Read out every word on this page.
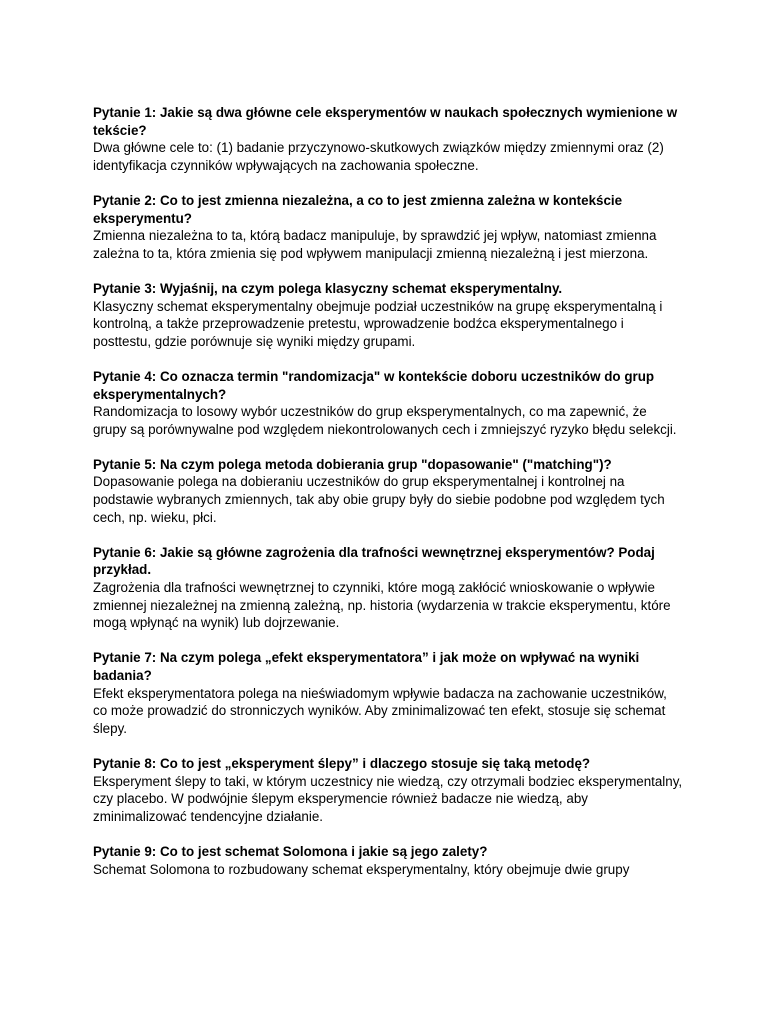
Pytanie 1: Jakie są dwa główne cele eksperymentów w naukach społecznych wymienione w tekście?

Dwa główne cele to: (1) badanie przyczynowo-skutkowych związków między zmiennymi oraz (2) identyfikacja czynników wpływających na zachowania społeczne.

Pytanie 2: Co to jest zmienna niezależna, a co to jest zmienna zależna w kontekście eksperymentu?

Zmienna niezależna to ta, którą badacz manipuluje, by sprawdzić jej wpływ, natomiast zmienna zależna to ta, która zmienia się pod wpływem manipulacji zmienną niezależną i jest mierzona.

Pytanie 3: Wyjaśnij, na czym polega klasyczny schemat eksperymentalny.

Klasyczny schemat eksperymentalny obejmuje podział uczestników na grupę eksperymentalną i kontrolną, a także przeprowadzenie pretestu, wprowadzenie bodźca eksperymentalnego i posttestu, gdzie porównuje się wyniki między grupami.

Pytanie 4: Co oznacza termin "randomizacja" w kontekście doboru uczestników do grup eksperymentalnych?

Randomizacja to losowy wybór uczestników do grup eksperymentalnych, co ma zapewnić, że grupy są porównywalne pod względem niekontrolowanych cech i zmniejszyć ryzyko błędu selekcji.

Pytanie 5: Na czym polega metoda dobierania grup "dopasowanie" ("matching")?

Dopasowanie polega na dobieraniu uczestników do grup eksperymentalnej i kontrolnej na podstawie wybranych zmiennych, tak aby obie grupy były do siebie podobne pod względem tych cech, np. wieku, płci.

Pytanie 6: Jakie są główne zagrożenia dla trafności wewnętrznej eksperymentów? Podaj przykład.

Zagrożenia dla trafności wewnętrznej to czynniki, które mogą zakłócić wnioskowanie o wpływie zmiennej niezależnej na zmienną zależną, np. historia (wydarzenia w trakcie eksperymentu, które mogą wpłynąć na wynik) lub dojrzewanie.

Pytanie 7: Na czym polega „efekt eksperymentatora” i jak może on wpływać na wyniki badania?

Efekt eksperymentatora polega na nieświadomym wpływie badacza na zachowanie uczestników, co może prowadzić do stronniczych wyników. Aby zminimalizować ten efekt, stosuje się schemat ślepy.

Pytanie 8: Co to jest „eksperyment ślepy” i dlaczego stosuje się taką metodę?

Eksperyment ślepy to taki, w którym uczestnicy nie wiedzą, czy otrzymali bodziec eksperymentalny, czy placebo. W podwójnie ślepym eksperymencie również badacze nie wiedzą, aby zminimalizować tendencyjne działanie.

Pytanie 9: Co to jest schemat Solomona i jakie są jego zalety?

Schemat Solomona to rozbudowany schemat eksperymentalny, który obejmuje dwie grupy
